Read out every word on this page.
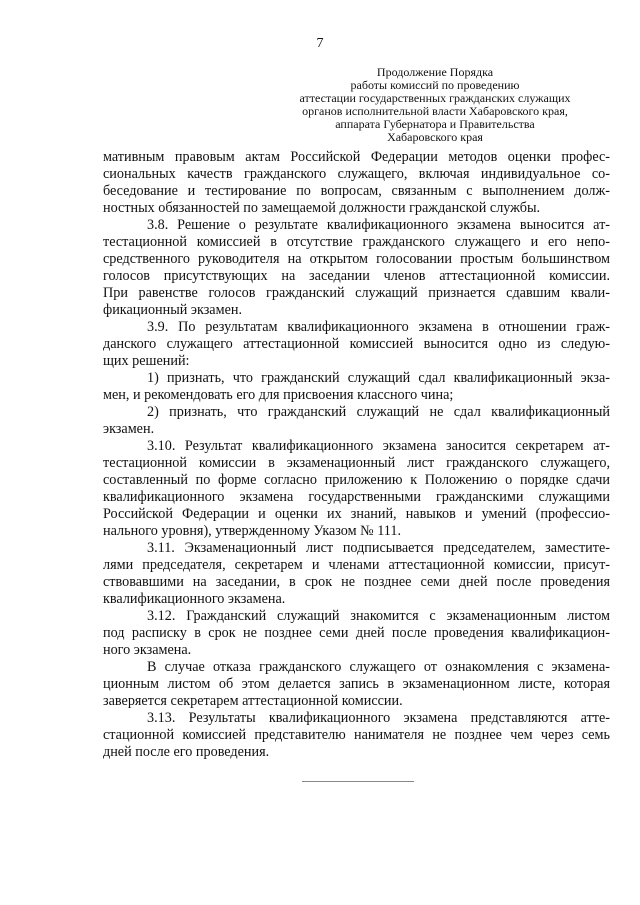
7
Продолжение Порядка
работы комиссий по проведению
аттестации государственных гражданских служащих
органов исполнительной власти Хабаровского края,
аппарата Губернатора и Правительства
Хабаровского края
мативным правовым актам Российской Федерации методов оценки профес-
сиональных качеств гражданского служащего, включая индивидуальное со-
беседование и тестирование по вопросам, связанным с выполнением долж-
ностных обязанностей по замещаемой должности гражданской службы.
3.8. Решение о результате квалификационного экзамена выносится ат-
тестационной комиссией в отсутствие гражданского служащего и его непо-
средственного руководителя на открытом голосовании простым большинством
голосов присутствующих на заседании членов аттестационной комиссии.
При равенстве голосов гражданский служащий признается сдавшим квали-
фикационный экзамен.
3.9. По результатам квалификационного экзамена в отношении граж-
данского служащего аттестационной комиссией выносится одно из следую-
щих решений:
1) признать, что гражданский служащий сдал квалификационный экза-
мен, и рекомендовать его для присвоения классного чина;
2) признать, что гражданский служащий не сдал квалификационный
экзамен.
3.10. Результат квалификационного экзамена заносится секретарем ат-
тестационной комиссии в экзаменационный лист гражданского служащего,
составленный по форме согласно приложению к Положению о порядке сдачи
квалификационного экзамена государственными гражданскими служащими
Российской Федерации и оценки их знаний, навыков и умений (профессио-
нального уровня), утвержденному Указом № 111.
3.11. Экзаменационный лист подписывается председателем, заместите-
лями председателя, секретарем и членами аттестационной комиссии, присут-
ствовавшими на заседании, в срок не позднее семи дней после проведения
квалификационного экзамена.
3.12. Гражданский служащий знакомится с экзаменационным листом
под расписку в срок не позднее семи дней после проведения квалификацион-
ного экзамена.
В случае отказа гражданского служащего от ознакомления с экзамена-
ционным листом об этом делается запись в экзаменационном листе, которая
заверяется секретарем аттестационной комиссии.
3.13. Результаты квалификационного экзамена представляются атте-
стационной комиссией представителю нанимателя не позднее чем через семь
дней после его проведения.
